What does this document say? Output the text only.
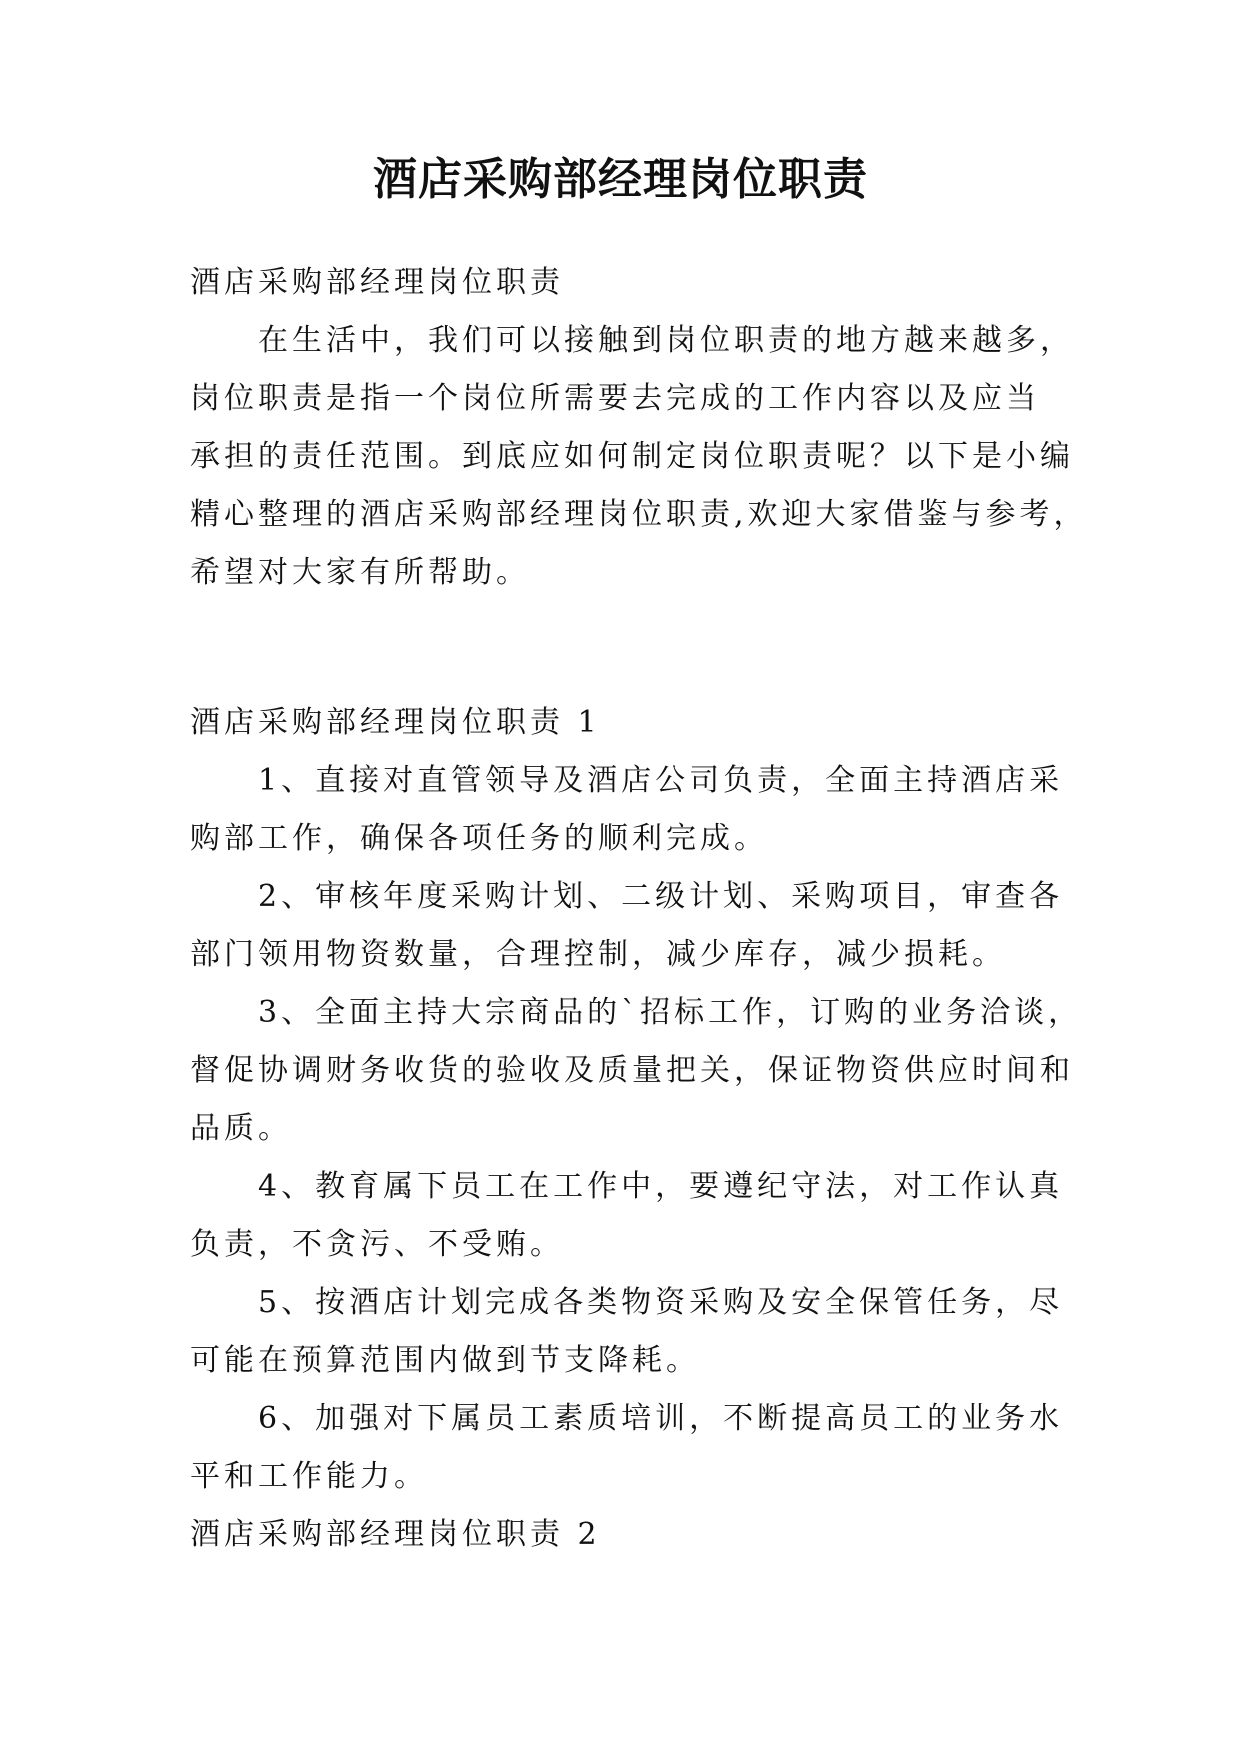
酒店采购部经理岗位职责
酒店采购部经理岗位职责
在生活中，我们可以接触到岗位职责的地方越来越多，
岗位职责是指一个岗位所需要去完成的工作内容以及应当
承担的责任范围。到底应如何制定岗位职责呢？以下是小编
精心整理的酒店采购部经理岗位职责,欢迎大家借鉴与参考，
希望对大家有所帮助。
酒店采购部经理岗位职责 1
1、直接对直管领导及酒店公司负责，全面主持酒店采
购部工作，确保各项任务的顺利完成。
2、审核年度采购计划、二级计划、采购项目，审查各
部门领用物资数量，合理控制，减少库存，减少损耗。
3、全面主持大宗商品的`招标工作，订购的业务洽谈，
督促协调财务收货的验收及质量把关，保证物资供应时间和
品质。
4、教育属下员工在工作中，要遵纪守法，对工作认真
负责，不贪污、不受贿。
5、按酒店计划完成各类物资采购及安全保管任务，尽
可能在预算范围内做到节支降耗。
6、加强对下属员工素质培训，不断提高员工的业务水
平和工作能力。
酒店采购部经理岗位职责 2
